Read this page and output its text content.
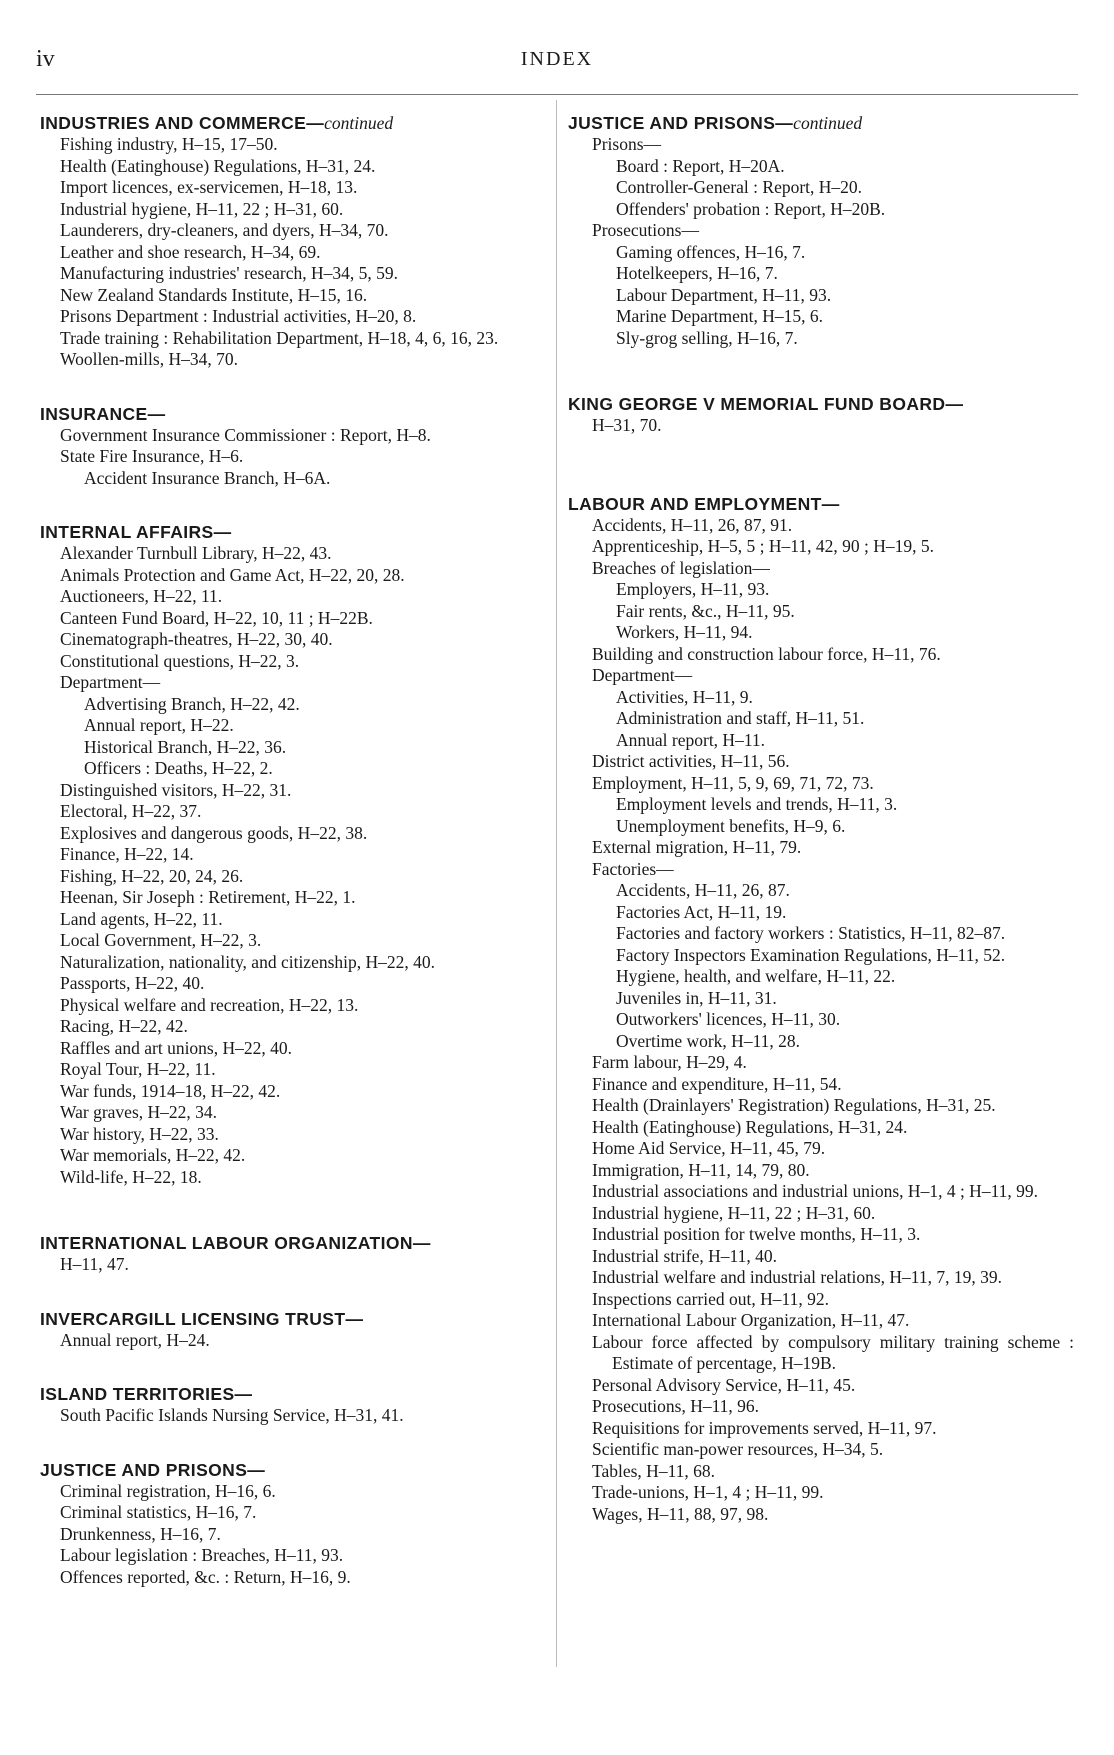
iv	INDEX
INDUSTRIES AND COMMERCE—continued
Fishing industry, H–15, 17–50.
Health (Eatinghouse) Regulations, H–31, 24.
Import licences, ex-servicemen, H–18, 13.
Industrial hygiene, H–11, 22 ; H–31, 60.
Launderers, dry-cleaners, and dyers, H–34, 70.
Leather and shoe research, H–34, 69.
Manufacturing industries' research, H–34, 5, 59.
New Zealand Standards Institute, H–15, 16.
Prisons Department : Industrial activities, H–20, 8.
Trade training : Rehabilitation Department, H–18, 4, 6, 16, 23.
Woollen-mills, H–34, 70.
INSURANCE—
Government Insurance Commissioner : Report, H–8.
State Fire Insurance, H–6.
Accident Insurance Branch, H–6A.
INTERNAL AFFAIRS—
Alexander Turnbull Library, H–22, 43.
Animals Protection and Game Act, H–22, 20, 28.
Auctioneers, H–22, 11.
Canteen Fund Board, H–22, 10, 11 ; H–22B.
Cinematograph-theatres, H–22, 30, 40.
Constitutional questions, H–22, 3.
Department—
Advertising Branch, H–22, 42.
Annual report, H–22.
Historical Branch, H–22, 36.
Officers : Deaths, H–22, 2.
Distinguished visitors, H–22, 31.
Electoral, H–22, 37.
Explosives and dangerous goods, H–22, 38.
Finance, H–22, 14.
Fishing, H–22, 20, 24, 26.
Heenan, Sir Joseph : Retirement, H–22, 1.
Land agents, H–22, 11.
Local Government, H–22, 3.
Naturalization, nationality, and citizenship, H–22, 40.
Passports, H–22, 40.
Physical welfare and recreation, H–22, 13.
Racing, H–22, 42.
Raffles and art unions, H–22, 40.
Royal Tour, H–22, 11.
War funds, 1914–18, H–22, 42.
War graves, H–22, 34.
War history, H–22, 33.
War memorials, H–22, 42.
Wild-life, H–22, 18.
INTERNATIONAL LABOUR ORGANIZATION—
H–11, 47.
INVERCARGILL LICENSING TRUST—
Annual report, H–24.
ISLAND TERRITORIES—
South Pacific Islands Nursing Service, H–31, 41.
JUSTICE AND PRISONS—
Criminal registration, H–16, 6.
Criminal statistics, H–16, 7.
Drunkenness, H–16, 7.
Labour legislation : Breaches, H–11, 93.
Offences reported, &c. : Return, H–16, 9.
JUSTICE AND PRISONS—continued
Prisons—
Board : Report, H–20A.
Controller-General : Report, H–20.
Offenders' probation : Report, H–20B.
Prosecutions—
Gaming offences, H–16, 7.
Hotelkeepers, H–16, 7.
Labour Department, H–11, 93.
Marine Department, H–15, 6.
Sly-grog selling, H–16, 7.
KING GEORGE V MEMORIAL FUND BOARD—
H–31, 70.
LABOUR AND EMPLOYMENT—
Accidents, H–11, 26, 87, 91.
Apprenticeship, H–5, 5 ; H–11, 42, 90 ; H–19, 5.
Breaches of legislation—
Employers, H–11, 93.
Fair rents, &c., H–11, 95.
Workers, H–11, 94.
Building and construction labour force, H–11, 76.
Department—
Activities, H–11, 9.
Administration and staff, H–11, 51.
Annual report, H–11.
District activities, H–11, 56.
Employment, H–11, 5, 9, 69, 71, 72, 73.
Employment levels and trends, H–11, 3.
Unemployment benefits, H–9, 6.
External migration, H–11, 79.
Factories—
Accidents, H–11, 26, 87.
Factories Act, H–11, 19.
Factories and factory workers : Statistics, H–11, 82–87.
Factory Inspectors Examination Regulations, H–11, 52.
Hygiene, health, and welfare, H–11, 22.
Juveniles in, H–11, 31.
Outworkers' licences, H–11, 30.
Overtime work, H–11, 28.
Farm labour, H–29, 4.
Finance and expenditure, H–11, 54.
Health (Drainlayers' Registration) Regulations, H–31, 25.
Health (Eatinghouse) Regulations, H–31, 24.
Home Aid Service, H–11, 45, 79.
Immigration, H–11, 14, 79, 80.
Industrial associations and industrial unions, H–1, 4 ; H–11, 99.
Industrial hygiene, H–11, 22 ; H–31, 60.
Industrial position for twelve months, H–11, 3.
Industrial strife, H–11, 40.
Industrial welfare and industrial relations, H–11, 7, 19, 39.
Inspections carried out, H–11, 92.
International Labour Organization, H–11, 47.
Labour force affected by compulsory military training scheme : Estimate of percentage, H–19B.
Personal Advisory Service, H–11, 45.
Prosecutions, H–11, 96.
Requisitions for improvements served, H–11, 97.
Scientific man-power resources, H–34, 5.
Tables, H–11, 68.
Trade-unions, H–1, 4 ; H–11, 99.
Wages, H–11, 88, 97, 98.
